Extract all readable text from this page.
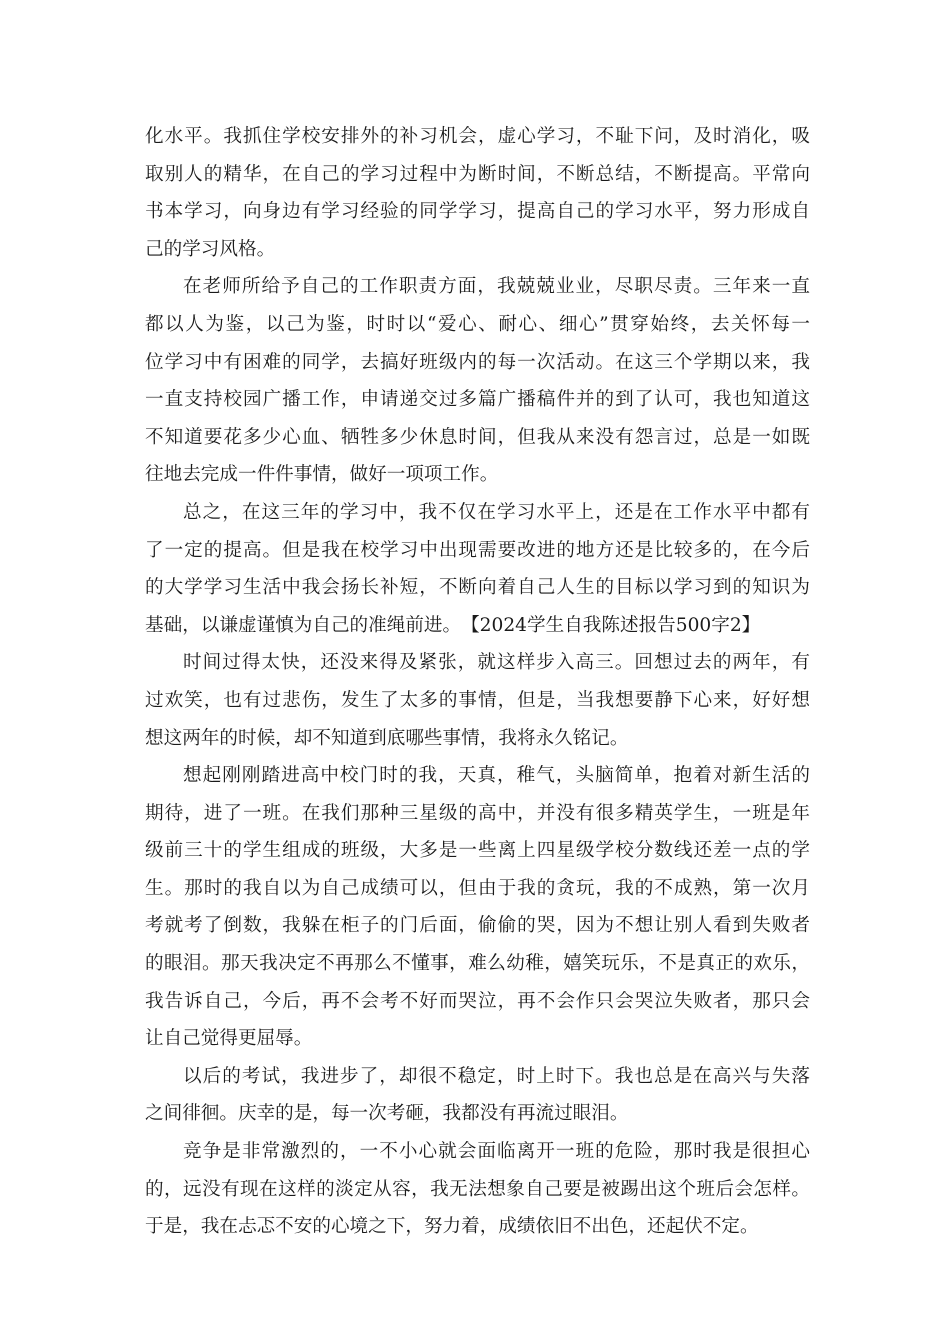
化水平。我抓住学校安排外的补习机会，虚心学习，不耻下问，及时消化，吸
取别人的精华，在自己的学习过程中为断时间，不断总结，不断提高。平常向
书本学习，向身边有学习经验的同学学习，提高自己的学习水平，努力形成自
己的学习风格。
在老师所给予自己的工作职责方面，我兢兢业业，尽职尽责。三年来一直
都以人为鉴，以己为鉴，时时以“爱心、耐心、细心”贯穿始终，去关怀每一
位学习中有困难的同学，去搞好班级内的每一次活动。在这三个学期以来，我
一直支持校园广播工作，申请递交过多篇广播稿件并的到了认可，我也知道这
不知道要花多少心血、牺牲多少休息时间，但我从来没有怨言过，总是一如既
往地去完成一件件事情，做好一项项工作。
总之，在这三年的学习中，我不仅在学习水平上，还是在工作水平中都有
了一定的提高。但是我在校学习中出现需要改进的地方还是比较多的，在今后
的大学学习生活中我会扬长补短，不断向着自己人生的目标以学习到的知识为
基础，以谦虚谨慎为自己的准绳前进。　【2024学生自我陈述报告500字2】
时间过得太快，还没来得及紧张，就这样步入高三。回想过去的两年，有
过欢笑，也有过悲伤，发生了太多的事情，但是，当我想要静下心来，好好想
想这两年的时候，却不知道到底哪些事情，我将永久铭记。
想起刚刚踏进高中校门时的我，天真，稚气，头脑简单，抱着对新生活的
期待，进了一班。在我们那种三星级的高中，并没有很多精英学生，一班是年
级前三十的学生组成的班级，大多是一些离上四星级学校分数线还差一点的学
生。那时的我自以为自己成绩可以，但由于我的贪玩，我的不成熟，第一次月
考就考了倒数，我躲在柜子的门后面，偷偷的哭，因为不想让别人看到失败者
的眼泪。那天我决定不再那么不懂事，难么幼稚，嬉笑玩乐，不是真正的欢乐，
我告诉自己，今后，再不会考不好而哭泣，再不会作只会哭泣失败者，那只会
让自己觉得更屈辱。
以后的考试，我进步了，却很不稳定，时上时下。我也总是在高兴与失落
之间徘徊。庆幸的是，每一次考砸，我都没有再流过眼泪。
竞争是非常激烈的，一不小心就会面临离开一班的危险，那时我是很担心
的，远没有现在这样的淡定从容，我无法想象自己要是被踢出这个班后会怎样。
于是，我在忐忑不安的心境之下，努力着，成绩依旧不出色，还起伏不定。
